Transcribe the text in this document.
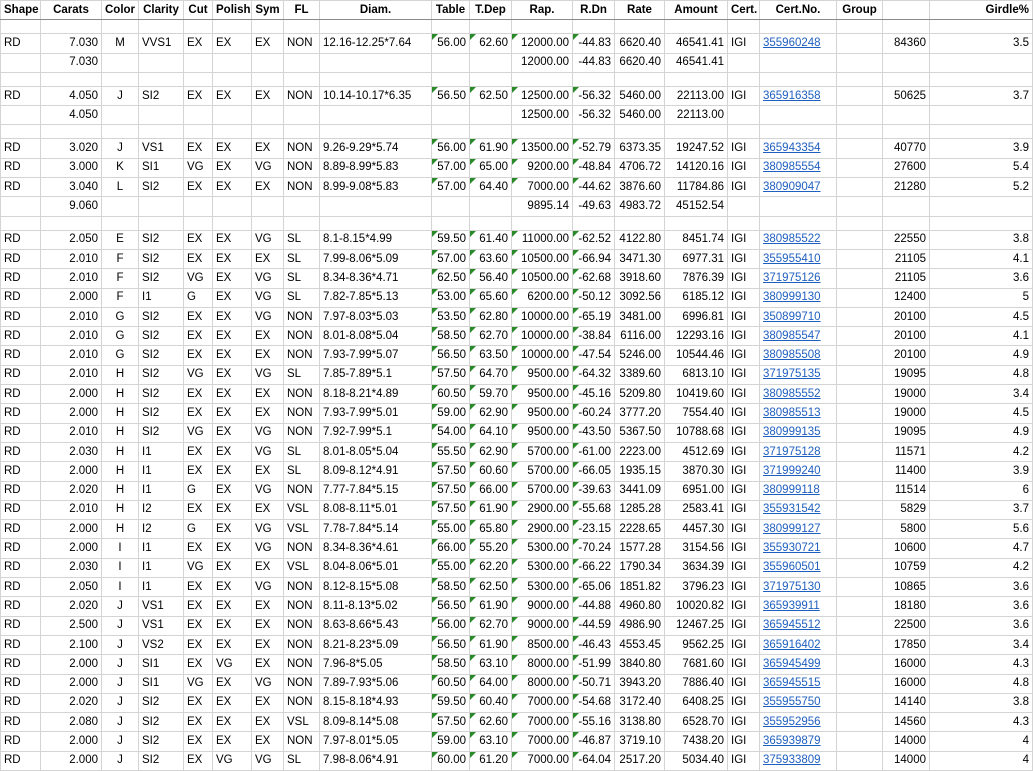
Shape	Carats	Color	Clarity	Cut	Polish	Sym	FL	Diam.	Table	T.Dep	Rap.	R.Dn	Rate	Amount	Cert.	Cert.No.	Group		Girdle%

RD	7.030	M	VVS1	EX	EX	EX	NON	12.16-12.25*7.64	56.00	62.60	12000.00	-44.83	6620.40	46541.41	IGI	355960248		84360	3.5
	7.030										12000.00	-44.83	6620.40	46541.41					

RD	4.050	J	SI2	EX	EX	EX	NON	10.14-10.17*6.35	56.50	62.50	12500.00	-56.32	5460.00	22113.00	IGI	365916358		50625	3.7
	4.050										12500.00	-56.32	5460.00	22113.00					

RD	3.020	J	VS1	EX	EX	EX	NON	9.26-9.29*5.74	56.00	61.90	13500.00	-52.79	6373.35	19247.52	IGI	365943354		40770	3.9
RD	3.000	K	SI1	VG	EX	VG	NON	8.89-8.99*5.83	57.00	65.00	9200.00	-48.84	4706.72	14120.16	IGI	380985554		27600	5.4
RD	3.040	L	SI2	EX	EX	EX	NON	8.99-9.08*5.83	57.00	64.40	7000.00	-44.62	3876.60	11784.86	IGI	380909047		21280	5.2
	9.060										9895.14	-49.63	4983.72	45152.54					

RD	2.050	E	SI2	EX	EX	VG	SL	8.1-8.15*4.99	59.50	61.40	11000.00	-62.52	4122.80	8451.74	IGI	380985522		22550	3.8
RD	2.010	F	SI2	EX	EX	EX	SL	7.99-8.06*5.09	57.00	63.60	10500.00	-66.94	3471.30	6977.31	IGI	355955410		21105	4.1
RD	2.010	F	SI2	VG	EX	VG	SL	8.34-8.36*4.71	62.50	56.40	10500.00	-62.68	3918.60	7876.39	IGI	371975126		21105	3.6
RD	2.000	F	I1	G	EX	VG	SL	7.82-7.85*5.13	53.00	65.60	6200.00	-50.12	3092.56	6185.12	IGI	380999130		12400	5
RD	2.010	G	SI2	EX	EX	VG	NON	7.97-8.03*5.03	53.50	62.80	10000.00	-65.19	3481.00	6996.81	IGI	350899710		20100	4.5
RD	2.010	G	SI2	EX	EX	EX	NON	8.01-8.08*5.04	58.50	62.70	10000.00	-38.84	6116.00	12293.16	IGI	380985547		20100	4.1
RD	2.010	G	SI2	EX	EX	EX	NON	7.93-7.99*5.07	56.50	63.50	10000.00	-47.54	5246.00	10544.46	IGI	380985508		20100	4.9
RD	2.010	H	SI2	VG	EX	VG	SL	7.85-7.89*5.1	57.50	64.70	9500.00	-64.32	3389.60	6813.10	IGI	371975135		19095	4.8
RD	2.000	H	SI2	EX	EX	EX	NON	8.18-8.21*4.89	60.50	59.70	9500.00	-45.16	5209.80	10419.60	IGI	380985552		19000	3.4
RD	2.000	H	SI2	EX	EX	EX	NON	7.93-7.99*5.01	59.00	62.90	9500.00	-60.24	3777.20	7554.40	IGI	380985513		19000	4.5
RD	2.010	H	SI2	VG	EX	VG	NON	7.92-7.99*5.1	54.00	64.10	9500.00	-43.50	5367.50	10788.68	IGI	380999135		19095	4.9
RD	2.030	H	I1	EX	EX	VG	SL	8.01-8.05*5.04	55.50	62.90	5700.00	-61.00	2223.00	4512.69	IGI	371975128		11571	4.2
RD	2.000	H	I1	EX	EX	EX	SL	8.09-8.12*4.91	57.50	60.60	5700.00	-66.05	1935.15	3870.30	IGI	371999240		11400	3.9
RD	2.020	H	I1	G	EX	VG	NON	7.77-7.84*5.15	57.50	66.00	5700.00	-39.63	3441.09	6951.00	IGI	380999118		11514	6
RD	2.010	H	I2	EX	EX	EX	VSL	8.08-8.11*5.01	57.50	61.90	2900.00	-55.68	1285.28	2583.41	IGI	355931542		5829	3.7
RD	2.000	H	I2	G	EX	VG	VSL	7.78-7.84*5.14	55.00	65.80	2900.00	-23.15	2228.65	4457.30	IGI	380999127		5800	5.6
RD	2.000	I	I1	EX	EX	VG	NON	8.34-8.36*4.61	66.00	55.20	5300.00	-70.24	1577.28	3154.56	IGI	355930721		10600	4.7
RD	2.030	I	I1	VG	EX	EX	VSL	8.04-8.06*5.01	55.00	62.20	5300.00	-66.22	1790.34	3634.39	IGI	355960501		10759	4.2
RD	2.050	I	I1	EX	EX	VG	NON	8.12-8.15*5.08	58.50	62.50	5300.00	-65.06	1851.82	3796.23	IGI	371975130		10865	3.6
RD	2.020	J	VS1	EX	EX	EX	NON	8.11-8.13*5.02	56.50	61.90	9000.00	-44.88	4960.80	10020.82	IGI	365939911		18180	3.6
RD	2.500	J	VS1	EX	EX	EX	NON	8.63-8.66*5.43	56.00	62.70	9000.00	-44.59	4986.90	12467.25	IGI	365945512		22500	3.6
RD	2.100	J	VS2	EX	EX	EX	NON	8.21-8.23*5.09	56.50	61.90	8500.00	-46.43	4553.45	9562.25	IGI	365916402		17850	3.4
RD	2.000	J	SI1	EX	VG	EX	NON	7.96-8*5.05	58.50	63.10	8000.00	-51.99	3840.80	7681.60	IGI	365945499		16000	4.3
RD	2.000	J	SI1	VG	EX	VG	NON	7.89-7.93*5.06	60.50	64.00	8000.00	-50.71	3943.20	7886.40	IGI	365945515		16000	4.8
RD	2.020	J	SI2	EX	EX	EX	NON	8.15-8.18*4.93	59.50	60.40	7000.00	-54.68	3172.40	6408.25	IGI	355955750		14140	3.8
RD	2.080	J	SI2	EX	EX	EX	VSL	8.09-8.14*5.08	57.50	62.60	7000.00	-55.16	3138.80	6528.70	IGI	355952956		14560	4.3
RD	2.000	J	SI2	EX	EX	EX	NON	7.97-8.01*5.05	59.00	63.10	7000.00	-46.87	3719.10	7438.20	IGI	365939879		14000	4
RD	2.000	J	SI2	EX	VG	VG	SL	7.98-8.06*4.91	60.00	61.20	7000.00	-64.04	2517.20	5034.40	IGI	375933809		14000	4
